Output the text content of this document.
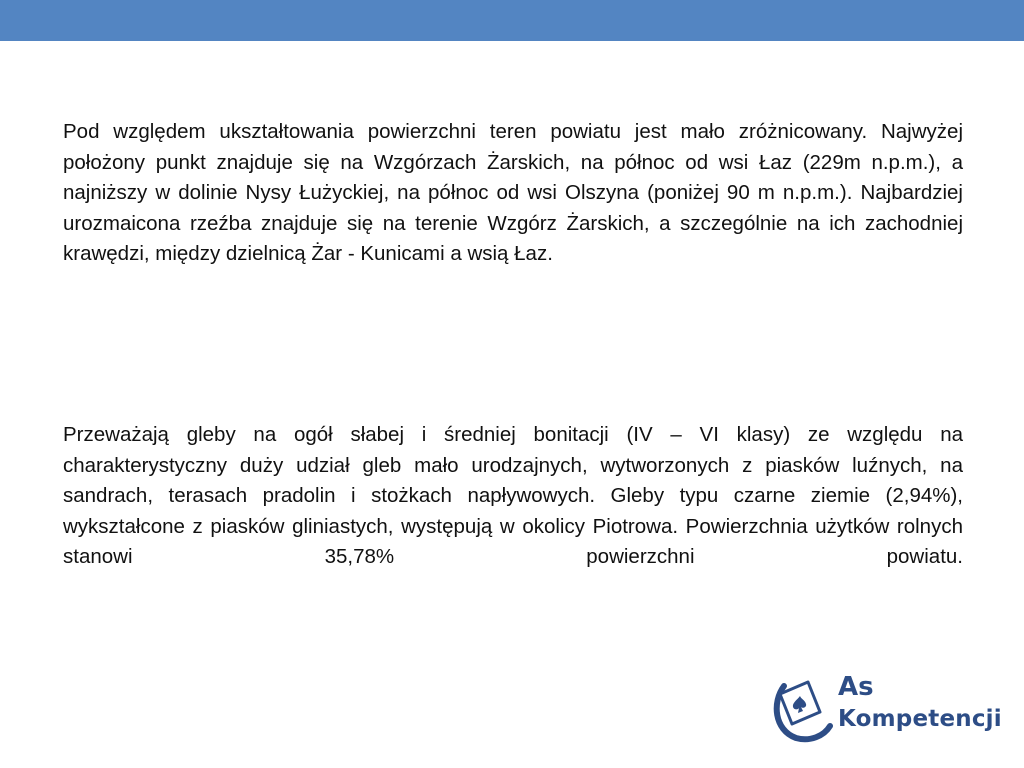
Pod względem ukształtowania powierzchni teren powiatu jest mało zróżnicowany. Najwyżej położony punkt znajduje się na Wzgórzach Żarskich, na północ od wsi Łaz (229m n.p.m.), a najniższy w dolinie Nysy Łużyckiej, na północ od wsi Olszyna (poniżej 90 m n.p.m.). Najbardziej urozmaicona rzeźba znajduje się na terenie Wzgórz Żarskich, a szczególnie na ich zachodniej krawędzi, między dzielnicą Żar - Kunicami a wsią Łaz.

Przeważają gleby na ogół słabej i średniej bonitacji (IV – VI klasy) ze względu na charakterystyczny duży udział gleb mało urodzajnych, wytworzonych z piasków luźnych, na sandrach, terasach pradolin i stożkach napływowych. Gleby typu czarne ziemie (2,94%), wykształcone z piasków gliniastych, występują w okolicy Piotrowa. Powierzchnia użytków rolnych stanowi 35,78% powierzchni powiatu.

As
Kompetencji
